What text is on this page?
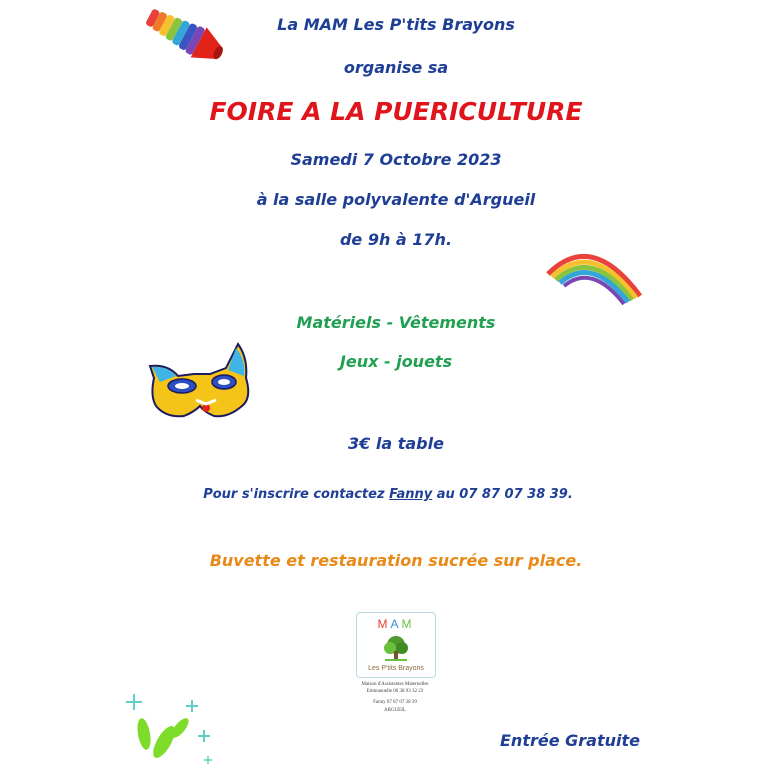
La MAM Les P'tits Brayons
organise sa
FOIRE A LA PUERICULTURE
Samedi 7 Octobre 2023
à la salle polyvalente d'Argueil
de 9h à 17h.
Matériels - Vêtements
Jeux - jouets
3€ la table
Pour s'inscrire contactez Fanny au 07 87 07 38 39.
Buvette et restauration sucrée sur place.
MAM
Les P'tits Brayons
Maison d'Assistantes Maternelles
Emmanuelle 06 38 93 32 23
Fanny 07 87 07 38 39
ARGUEIL
Entrée Gratuite
